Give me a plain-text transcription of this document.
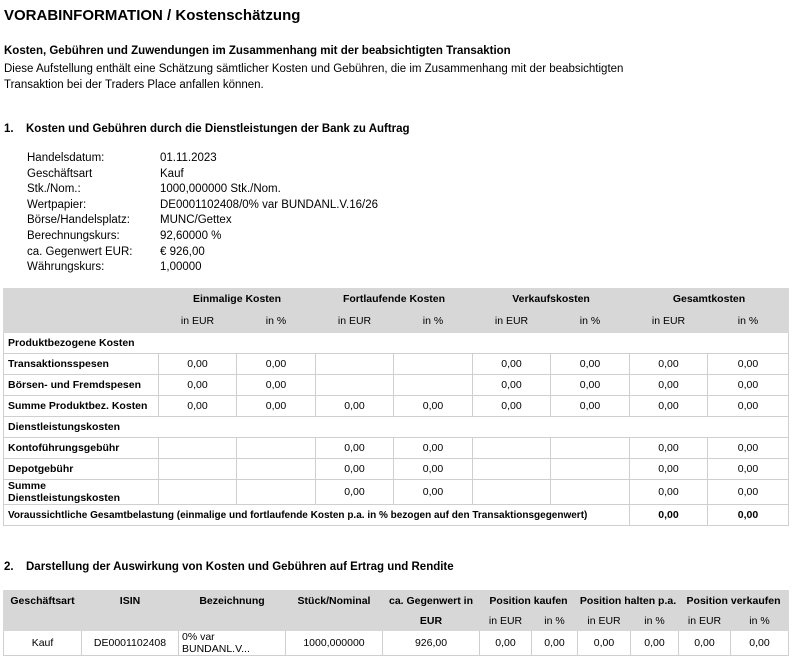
VORABINFORMATION / Kostenschätzung
Kosten, Gebühren und Zuwendungen im Zusammenhang mit der beabsichtigten Transaktion
Diese Aufstellung enthält eine Schätzung sämtlicher Kosten und Gebühren, die im Zusammenhang mit der beabsichtigten
Transaktion bei der Traders Place anfallen können.
1. Kosten und Gebühren durch die Dienstleistungen der Bank zu Auftrag
Handelsdatum:	01.11.2023
Geschäftsart	Kauf
Stk./Nom.:	1000,000000 Stk./Nom.
Wertpapier:	DE0001102408/0% var BUNDANL.V.16/26
Börse/Handelsplatz:	MUNC/Gettex
Berechnungskurs:	92,60000 %
ca. Gegenwert EUR: € 926,00
Währungskurs:	1,00000
	Einmalige Kosten		Fortlaufende Kosten		Verkaufskosten		Gesamtkosten	
	in EUR	in %	in EUR	in %	in EUR	in %	in EUR	in %
Produktbezogene Kosten								
Transaktionsspesen	0,00	0,00			0,00	0,00	0,00	0,00
Börsen- und Fremdspesen	0,00	0,00			0,00	0,00	0,00	0,00
Summe Produktbez. Kosten	0,00	0,00	0,00	0,00	0,00	0,00	0,00	0,00
Dienstleistungskosten								
Kontoführungsgebühr			0,00	0,00			0,00	0,00
Depotgebühr			0,00	0,00			0,00	0,00
Summe Dienstleistungskosten			0,00	0,00			0,00	0,00
Voraussichtliche Gesamtbelastung (einmalige und fortlaufende Kosten p.a. in % bezogen auf den Transaktionsgegenwert)							0,00	0,00
2. Darstellung der Auswirkung von Kosten und Gebühren auf Ertrag und Rendite
Geschäftsart	ISIN	Bezeichnung	Stück/Nominal	ca. Gegenwert in	Position kaufen		Position halten p.a.		Position verkaufen	
				EUR	in EUR	in %	in EUR	in %	in EUR	in %
Kauf	DE0001102408	0% var BUNDANL.V...	1000,000000	926,00	0,00	0,00	0,00	0,00	0,00	0,00
